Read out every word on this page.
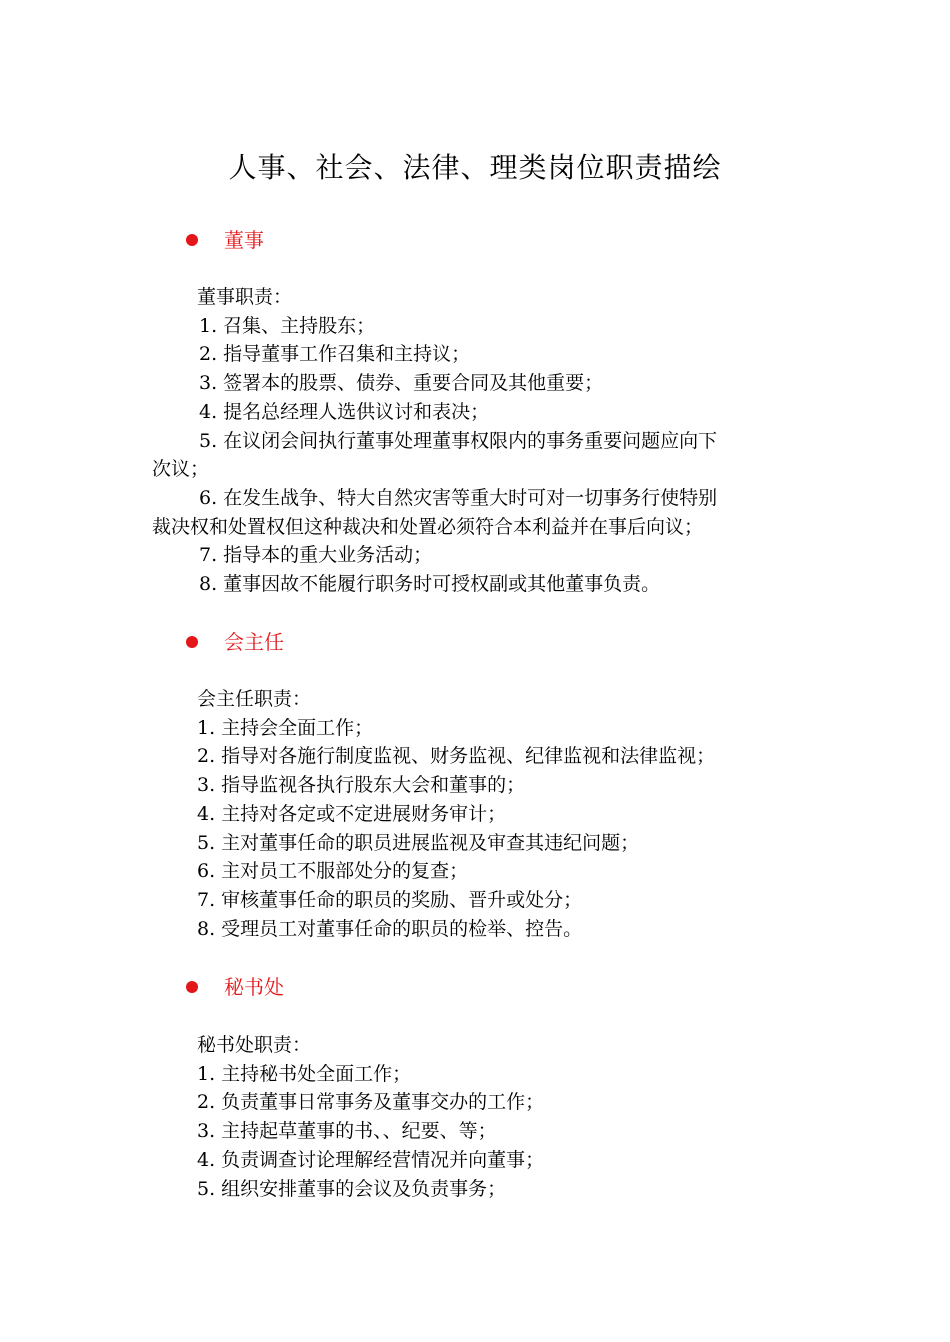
人事、社会、法律、理类岗位职责描绘
董事
董事职责：
1. 召集、主持股东；
2. 指导董事工作召集和主持议；
3. 签署本的股票、债券、重要合同及其他重要；
4. 提名总经理人选供议讨和表决；
5. 在议闭会间执行董事处理董事权限内的事务重要问题应向下
次议；
6. 在发生战争、特大自然灾害等重大时可对一切事务行使特别
裁决权和处置权但这种裁决和处置必须符合本利益并在事后向议；
7. 指导本的重大业务活动；
8. 董事因故不能履行职务时可授权副或其他董事负责。
会主任
会主任职责：
1. 主持会全面工作；
2. 指导对各施行制度监视、财务监视、纪律监视和法律监视；
3. 指导监视各执行股东大会和董事的；
4. 主持对各定或不定进展财务审计；
5. 主对董事任命的职员进展监视及审查其违纪问题；
6. 主对员工不服部处分的复查；
7. 审核董事任命的职员的奖励、晋升或处分；
8. 受理员工对董事任命的职员的检举、控告。
秘书处
秘书处职责：
1. 主持秘书处全面工作；
2. 负责董事日常事务及董事交办的工作；
3. 主持起草董事的书、、纪要、等；
4. 负责调查讨论理解经营情况并向董事；
5. 组织安排董事的会议及负责事务；
